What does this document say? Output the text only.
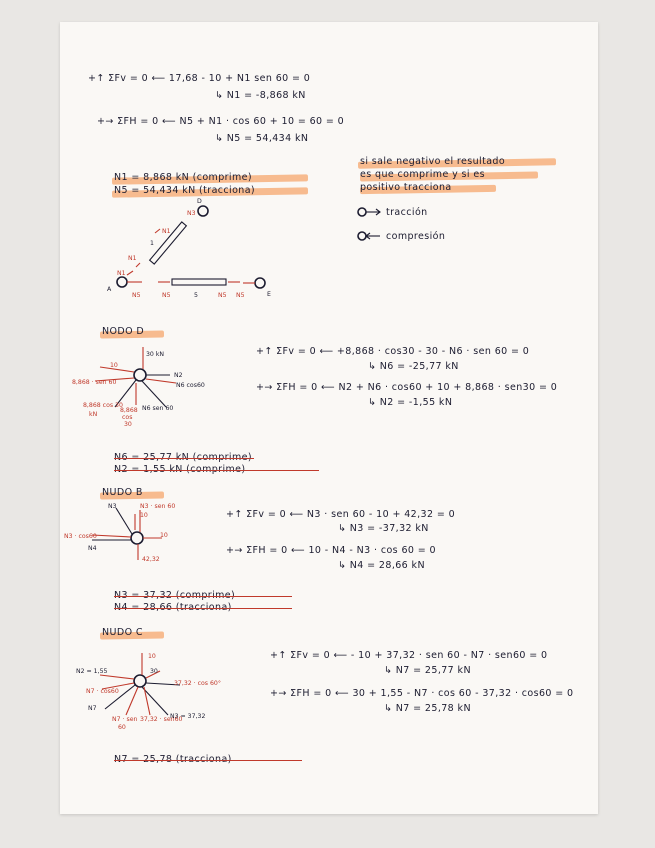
+↑ ΣFv = 0 ⟵ 17,68 - 10 + N1 sen 60 = 0
↳ N1 = -8,868 kN
+→ ΣFH = 0 ⟵ N5 + N1 · cos 60 + 10 = 60 = 0
↳ N5 = 54,434 kN
N1 = 8,868 kN (comprime)
N5 = 54,434 kN (tracciona)
si sale negativo el resultado
es que comprime y si es
positivo tracciona
tracción
compresión
D
N3
N1
1
N1
N1
A
N5	N5	5	N5 N5	E
NODO D
10
30 kN
N2
N6 cos60
8,868 · sen 60
8,868 cos 30
kN
N6 sen 60
8,868
cos
30
+↑ ΣFv = 0 ⟵ +8,868 · cos30 - 30 - N6 · sen 60 = 0
↳ N6 = -25,77 kN
+→ ΣFH = 0 ⟵ N2 + N6 · cos60 + 10 + 8,868 · sen30 = 0
↳ N2 = -1,55 kN
NUDO B
N3	N3 · sen 60
10
N3 · cos60	10
N4
42,32
+↑ ΣFv = 0 ⟵ N3 · sen 60 - 10 + 42,32 = 0
↳ N3 = -37,32 kN
+→ ΣFH = 0 ⟵ 10 - N4 - N3 · cos 60 = 0
↳ N4 = 28,66 kN
NUDO C
N2 = 1,55
10
N7 · cos60
30
37,32 · cos 60°
N7
N7 · sen
60
37,32 · sen60
N3 = 37,32
+↑ ΣFv = 0 ⟵ - 10 + 37,32 · sen 60 - N7 · sen60 = 0
↳ N7 = 25,77 kN
+→ ΣFH = 0 ⟵ 30 + 1,55 - N7 · cos 60 - 37,32 · cos60 = 0
↳ N7 = 25,78 kN
